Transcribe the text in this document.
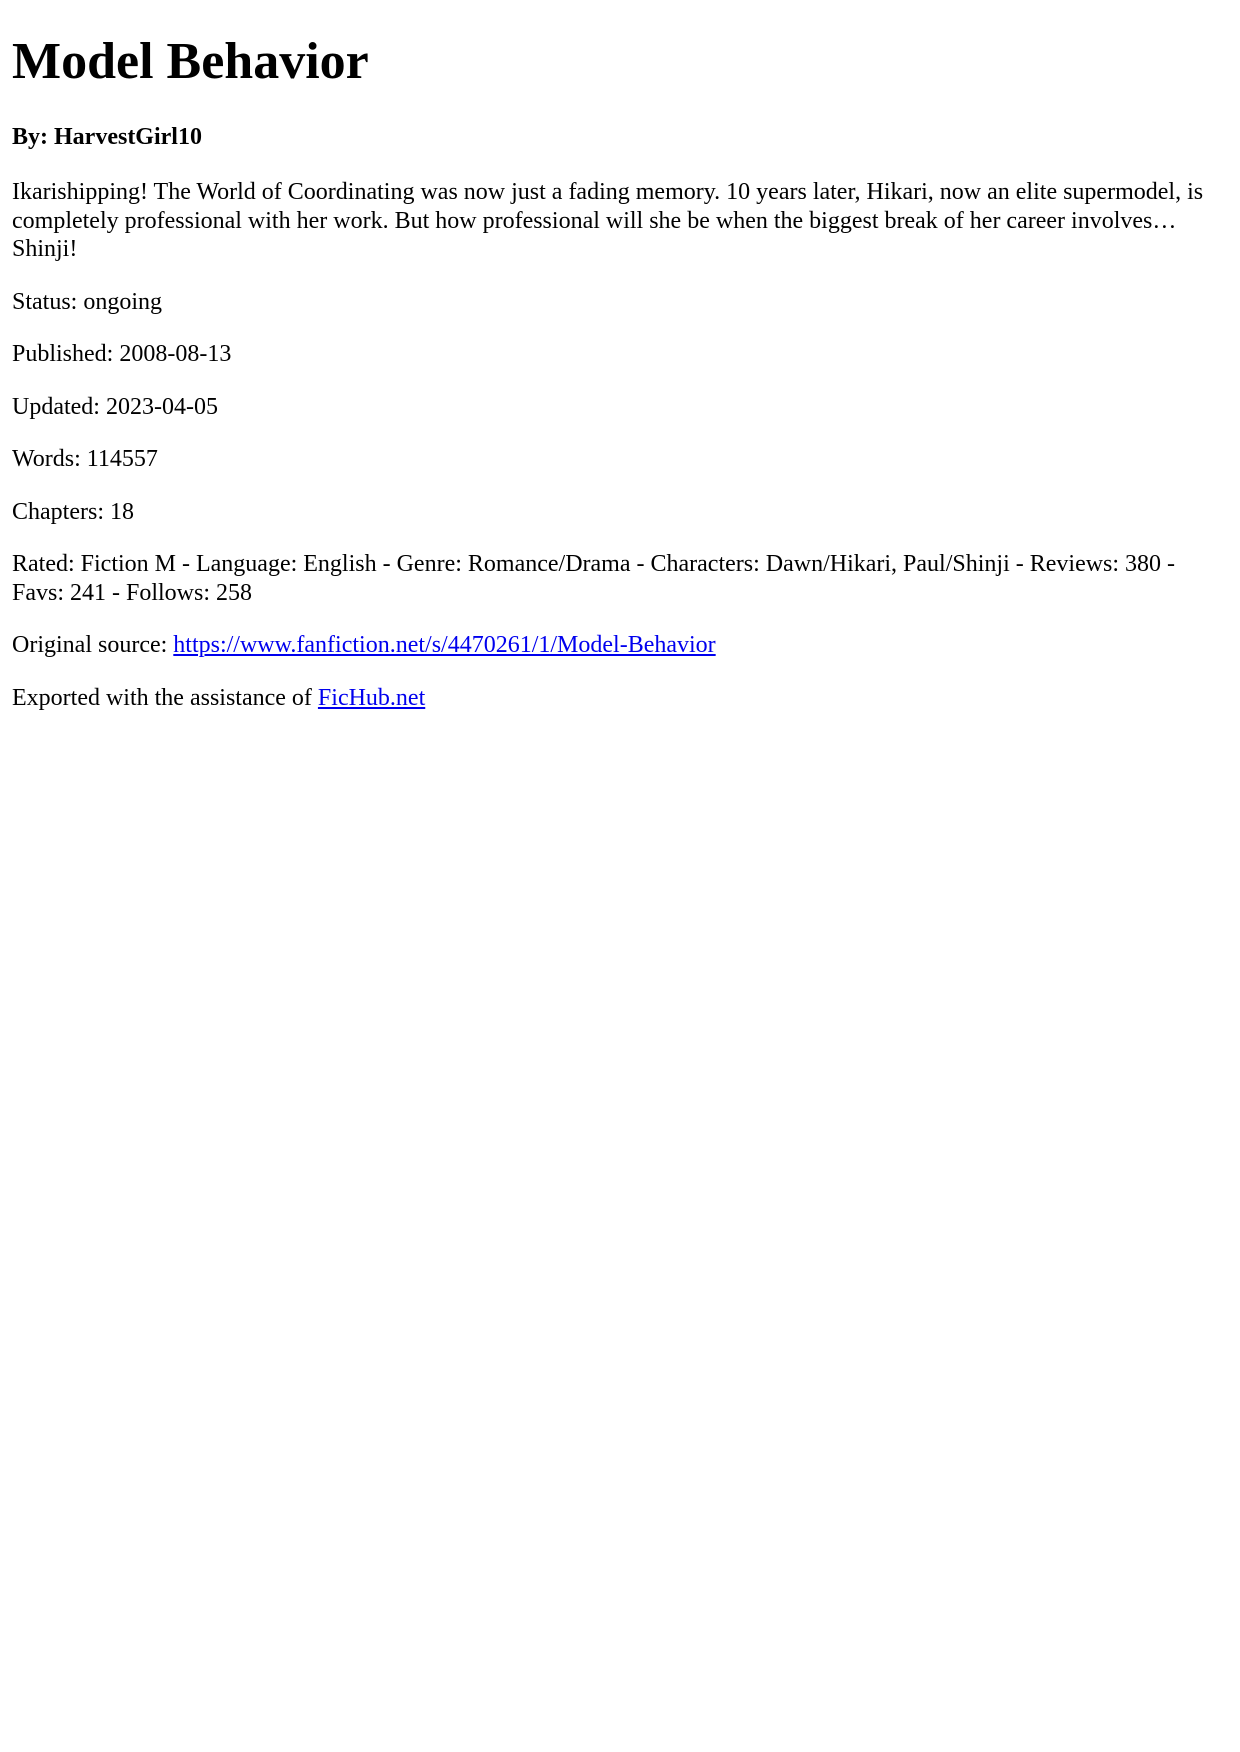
Model Behavior
By: HarvestGirl10

Ikarishipping! The World of Coordinating was now just a fading memory. 10 years later, Hikari, now an elite supermodel, is completely professional with her work. But how professional will she be when the biggest break of her career involves… Shinji!

Status: ongoing

Published: 2008-08-13

Updated: 2023-04-05

Words: 114557

Chapters: 18

Rated: Fiction M - Language: English - Genre: Romance/Drama - Characters: Dawn/Hikari, Paul/Shinji - Reviews: 380 - Favs: 241 - Follows: 258

Original source: https://www.fanfiction.net/s/4470261/1/Model-Behavior

Exported with the assistance of FicHub.net
